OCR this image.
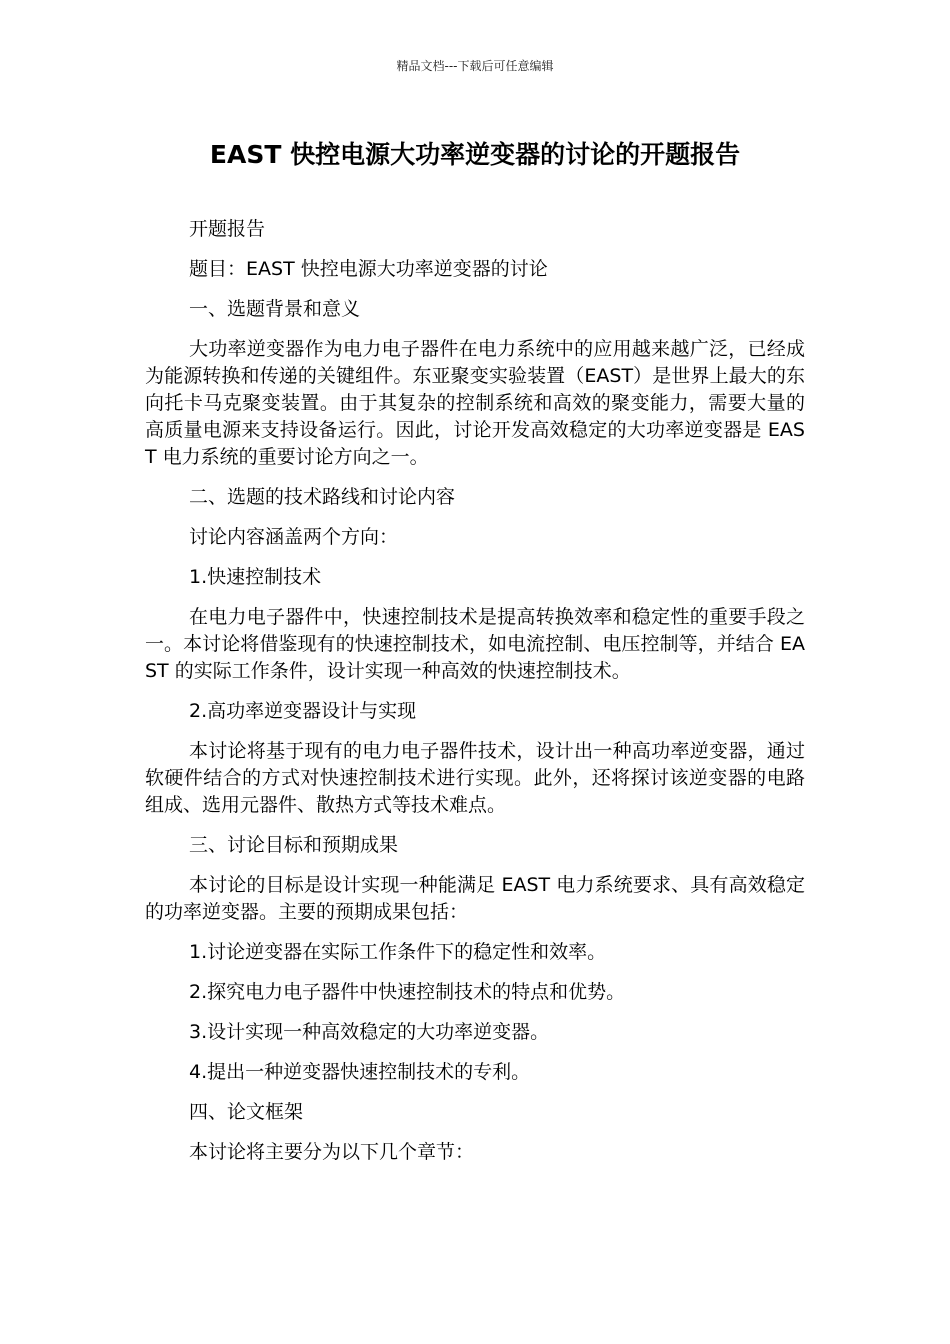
精品文档---下载后可任意编辑
EAST 快控电源大功率逆变器的讨论的开题报告

开题报告

题目：EAST 快控电源大功率逆变器的讨论

一、选题背景和意义

大功率逆变器作为电力电子器件在电力系统中的应用越来越广泛，已经成为能源转换和传递的关键组件。东亚聚变实验装置（EAST）是世界上最大的东向托卡马克聚变装置。由于其复杂的控制系统和高效的聚变能力，需要大量的高质量电源来支持设备运行。因此，讨论开发高效稳定的大功率逆变器是 EAST 电力系统的重要讨论方向之一。

二、选题的技术路线和讨论内容

讨论内容涵盖两个方向：

1.快速控制技术

在电力电子器件中，快速控制技术是提高转换效率和稳定性的重要手段之一。本讨论将借鉴现有的快速控制技术，如电流控制、电压控制等，并结合 EAST 的实际工作条件，设计实现一种高效的快速控制技术。

2.高功率逆变器设计与实现

本讨论将基于现有的电力电子器件技术，设计出一种高功率逆变器，通过软硬件结合的方式对快速控制技术进行实现。此外，还将探讨该逆变器的电路组成、选用元器件、散热方式等技术难点。

三、讨论目标和预期成果

本讨论的目标是设计实现一种能满足 EAST 电力系统要求、具有高效稳定的功率逆变器。主要的预期成果包括：

1.讨论逆变器在实际工作条件下的稳定性和效率。

2.探究电力电子器件中快速控制技术的特点和优势。

3.设计实现一种高效稳定的大功率逆变器。

4.提出一种逆变器快速控制技术的专利。

四、论文框架

本讨论将主要分为以下几个章节：
